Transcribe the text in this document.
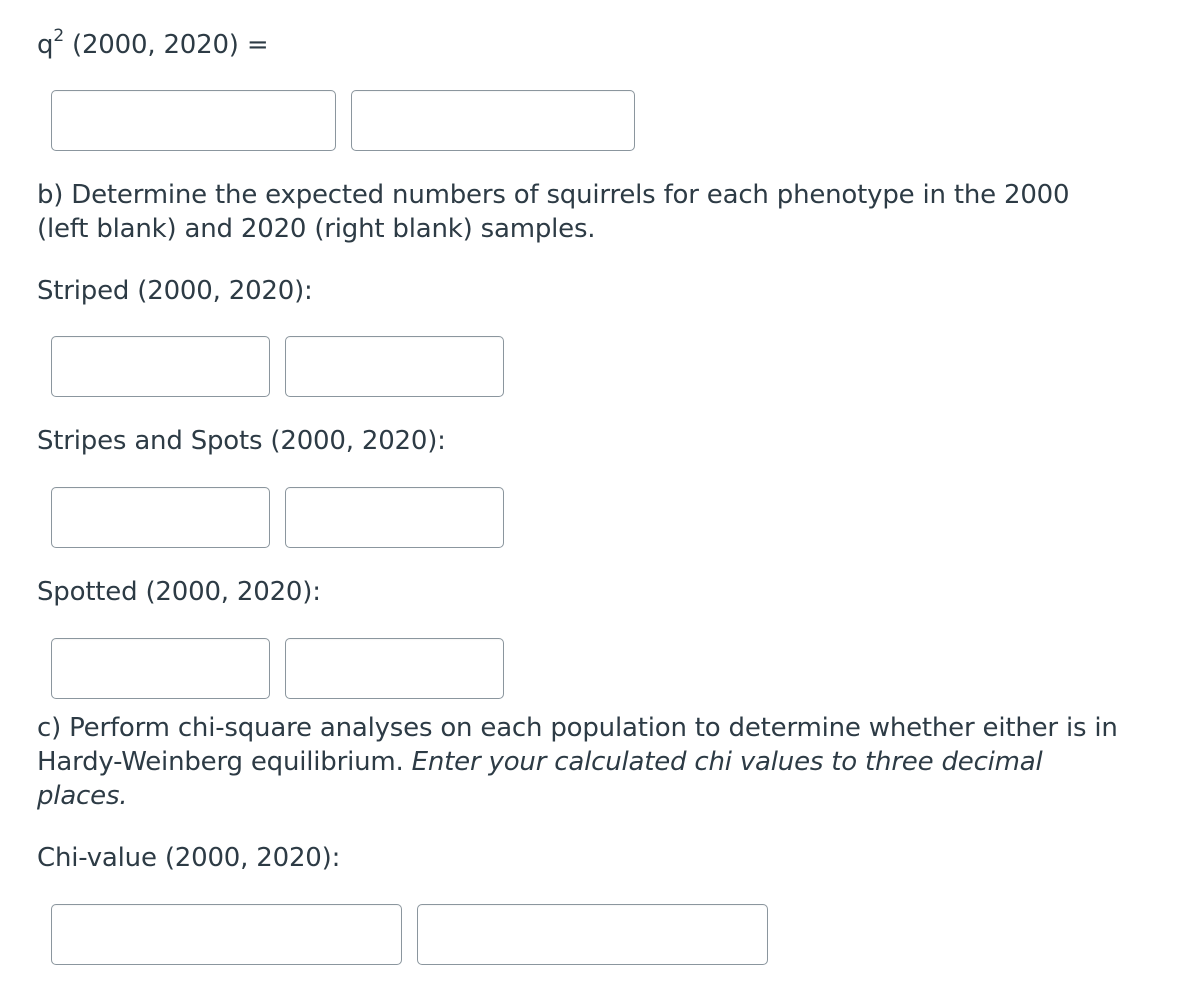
$q^2$ (2000, 2020) =

b) Determine the expected numbers of squirrels for each phenotype in the 2000 (left blank) and 2020 (right blank) samples.

Striped (2000, 2020):

Stripes and Spots (2000, 2020):

Spotted (2000, 2020):

c) Perform chi-square analyses on each population to determine whether either is in Hardy-Weinberg equilibrium. Enter your calculated chi values to three decimal places.

Chi-value (2000, 2020):
